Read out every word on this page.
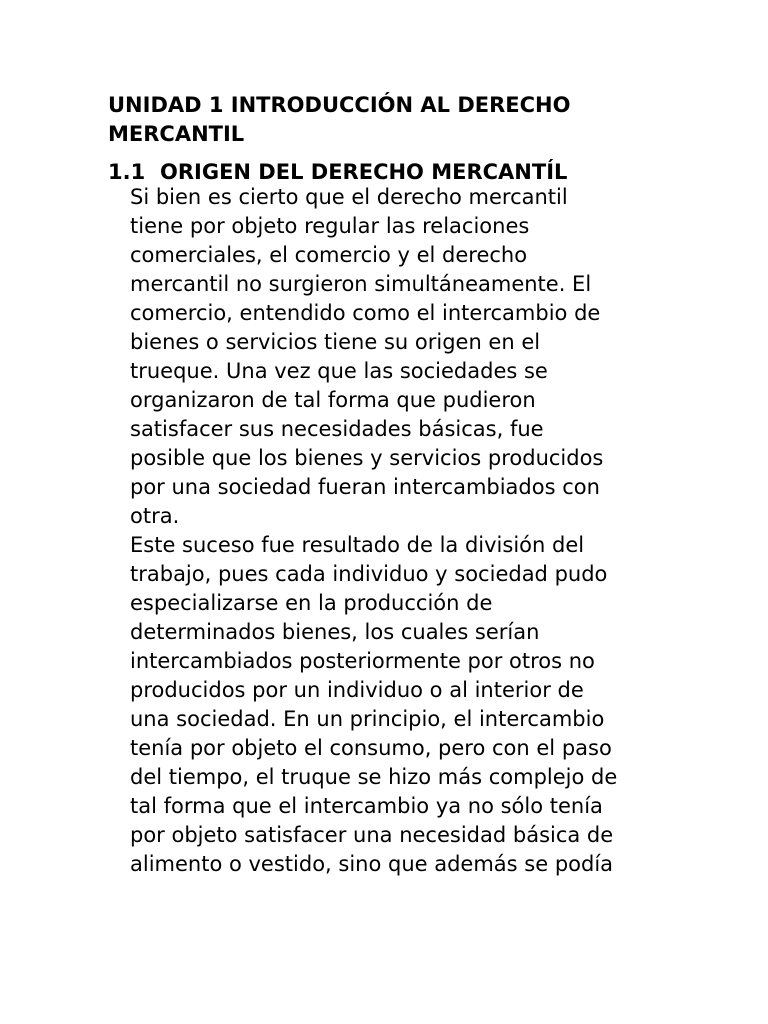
UNIDAD 1 INTRODUCCIÓN AL DERECHO MERCANTIL
1.1 ORIGEN DEL DERECHO MERCANTÍL
Si bien es cierto que el derecho mercantil
tiene por objeto regular las relaciones
comerciales, el comercio y el derecho
mercantil no surgieron simultáneamente. El
comercio, entendido como el intercambio de
bienes o servicios tiene su origen en el
trueque. Una vez que las sociedades se
organizaron de tal forma que pudieron
satisfacer sus necesidades básicas, fue
posible que los bienes y servicios producidos
por una sociedad fueran intercambiados con
otra.
Este suceso fue resultado de la división del
trabajo, pues cada individuo y sociedad pudo
especializarse en la producción de
determinados bienes, los cuales serían
intercambiados posteriormente por otros no
producidos por un individuo o al interior de
una sociedad. En un principio, el intercambio
tenía por objeto el consumo, pero con el paso
del tiempo, el truque se hizo más complejo de
tal forma que el intercambio ya no sólo tenía
por objeto satisfacer una necesidad básica de
alimento o vestido, sino que además se podía
